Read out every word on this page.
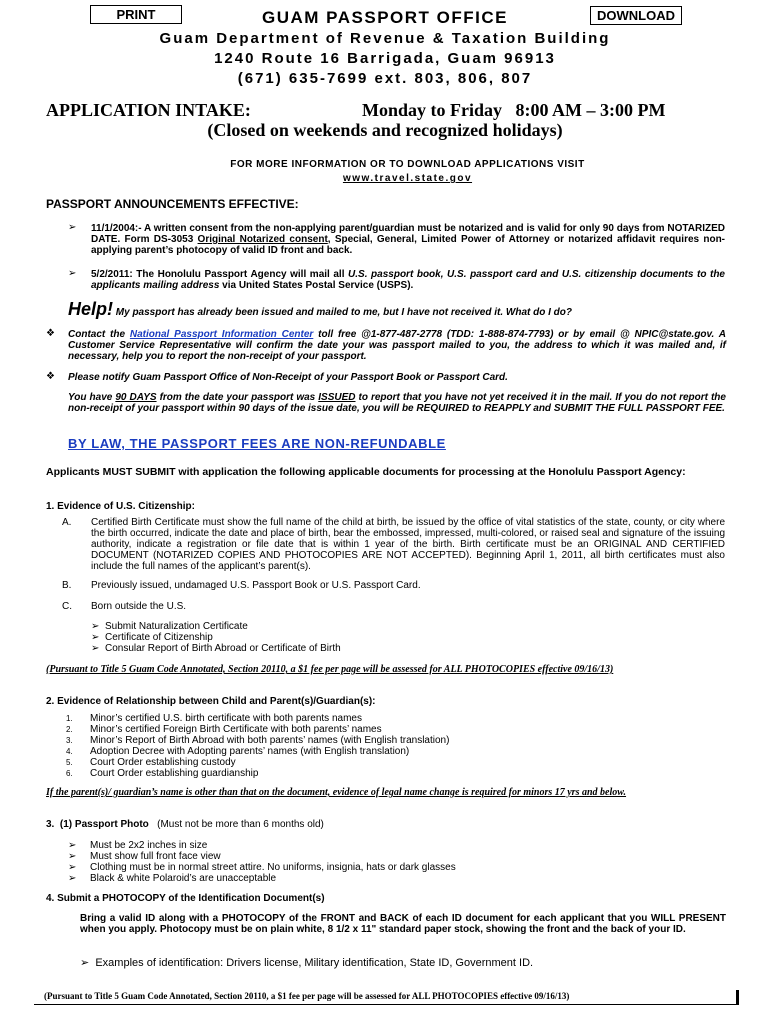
PRINT	DOWNLOAD
GUAM PASSPORT OFFICE
Guam Department of Revenue & Taxation Building
1240 Route 16 Barrigada, Guam 96913
(671) 635-7699 ext. 803, 806, 807
APPLICATION INTAKE:	Monday to Friday   8:00 AM – 3:00 PM
(Closed on weekends and recognized holidays)
FOR MORE INFORMATION OR TO DOWNLOAD APPLICATIONS VISIT
www.travel.state.gov
PASSPORT ANNOUNCEMENTS EFFECTIVE:
➢ 11/1/2004:- A written consent from the non-applying parent/guardian must be notarized and is valid for only 90 days from NOTARIZED DATE. Form DS-3053 Original Notarized consent, Special, General, Limited Power of Attorney or notarized affidavit requires non-applying parent’s photocopy of valid ID front and back.
➢ 5/2/2011: The Honolulu Passport Agency will mail all U.S. passport book, U.S. passport card and U.S. citizenship documents to the applicants mailing address via United States Postal Service (USPS).
Help! My passport has already been issued and mailed to me, but I have not received it. What do I do?
❖ Contact the National Passport Information Center toll free @1-877-487-2778 (TDD: 1-888-874-7793) or by email @ NPIC@state.gov. A Customer Service Representative will confirm the date your was passport mailed to you, the address to which it was mailed and, if necessary, help you to report the non-receipt of your passport.
❖ Please notify Guam Passport Office of Non-Receipt of your Passport Book or Passport Card.
You have 90 DAYS from the date your passport was ISSUED to report that you have not yet received it in the mail. If you do not report the non-receipt of your passport within 90 days of the issue date, you will be REQUIRED to REAPPLY and SUBMIT THE FULL PASSPORT FEE.
BY LAW, THE PASSPORT FEES ARE NON-REFUNDABLE
Applicants MUST SUBMIT with application the following applicable documents for processing at the Honolulu Passport Agency:
1. Evidence of U.S. Citizenship:
A. Certified Birth Certificate must show the full name of the child at birth, be issued by the office of vital statistics of the state, county, or city where the birth occurred, indicate the date and place of birth, bear the embossed, impressed, multi-colored, or raised seal and signature of the issuing authority, indicate a registration or file date that is within 1 year of the birth. Birth certificate must be an ORIGINAL AND CERTIFIED DOCUMENT (NOTARIZED COPIES AND PHOTOCOPIES ARE NOT ACCEPTED). Beginning April 1, 2011, all birth certificates must also include the full names of the applicant’s parent(s).
B. Previously issued, undamaged U.S. Passport Book or U.S. Passport Card.
C. Born outside the U.S.
➢ Submit Naturalization Certificate
➢ Certificate of Citizenship
➢ Consular Report of Birth Abroad or Certificate of Birth
(Pursuant to Title 5 Guam Code Annotated, Section 20110, a $1 fee per page will be assessed for ALL PHOTOCOPIES effective 09/16/13)
2. Evidence of Relationship between Child and Parent(s)/Guardian(s):
1. Minor’s certified U.S. birth certificate with both parents names
2. Minor’s certified Foreign Birth Certificate with both parents’ names
3. Minor’s Report of Birth Abroad with both parents’ names (with English translation)
4. Adoption Decree with Adopting parents’ names (with English translation)
5. Court Order establishing custody
6. Court Order establishing guardianship
If the parent(s)/ guardian’s name is other than that on the document, evidence of legal name change is required for minors 17 yrs and below.
3.  (1) Passport Photo (Must not be more than 6 months old)
➢ Must be 2x2 inches in size
➢ Must show full front face view
➢ Clothing must be in normal street attire. No uniforms, insignia, hats or dark glasses
➢ Black & white Polaroid’s are unacceptable
4. Submit a PHOTOCOPY of the Identification Document(s)
Bring a valid ID along with a PHOTOCOPY of the FRONT and BACK of each ID document for each applicant that you WILL PRESENT when you apply. Photocopy must be on plain white, 8 1/2 x 11" standard paper stock, showing the front and the back of your ID.
➢ Examples of identification: Drivers license, Military identification, State ID, Government ID.
(Pursuant to Title 5 Guam Code Annotated, Section 20110, a $1 fee per page will be assessed for ALL PHOTOCOPIES effective 09/16/13)
